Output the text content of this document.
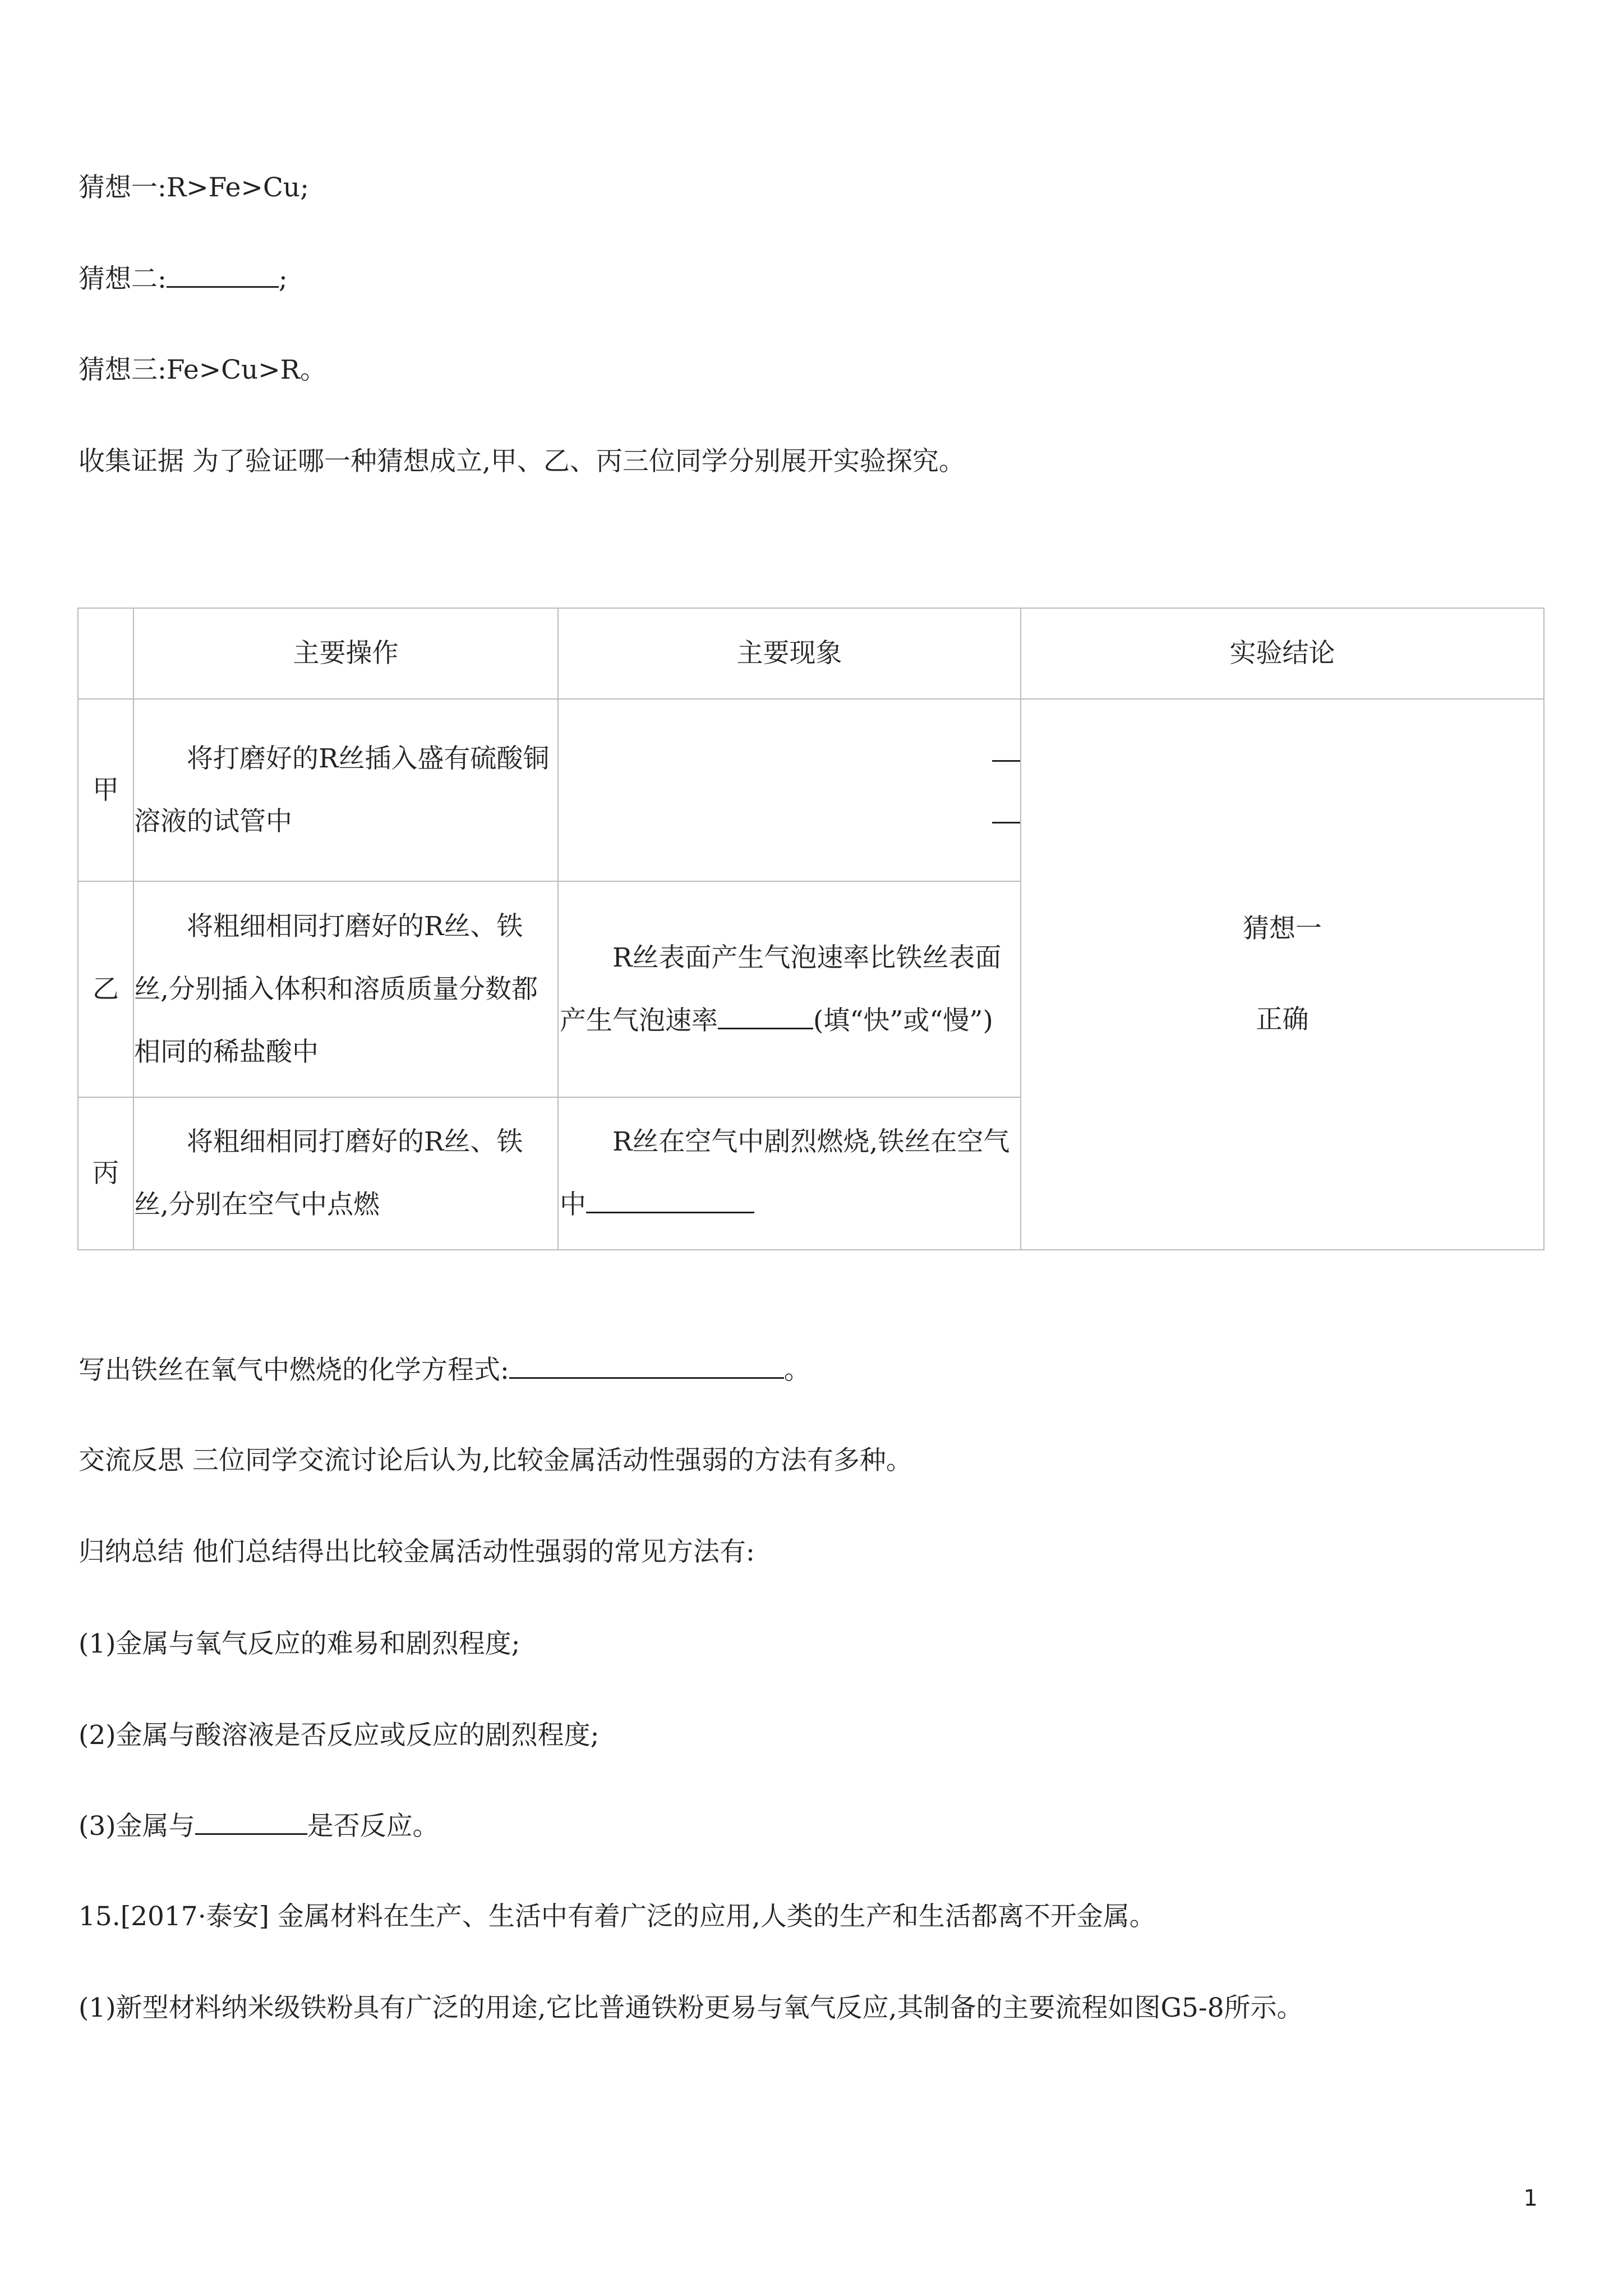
猜想一:R>Fe>Cu;
猜想二:	;
猜想三:Fe>Cu>R。
收集证据 为了验证哪一种猜想成立,甲、乙、丙三位同学分别展开实验探究。
	主要操作	主要现象	实验结论
甲	将打磨好的R丝插入盛有硫酸铜溶液的试管中		猜想一
正确

乙	将粗细相同打磨好的R丝、铁丝,分别插入体积和溶质质量分数都相同的稀盐酸中	R丝表面产生气泡速率比铁丝表面产生气泡速率 (填“快”或“慢”)	
丙	将粗细相同打磨好的R丝、铁丝,分别在空气中点燃	R丝在空气中剧烈燃烧,铁丝在空气中	
写出铁丝在氧气中燃烧的化学方程式:	。
交流反思 三位同学交流讨论后认为,比较金属活动性强弱的方法有多种。
归纳总结 他们总结得出比较金属活动性强弱的常见方法有:
(1)金属与氧气反应的难易和剧烈程度;
(2)金属与酸溶液是否反应或反应的剧烈程度;
(3)金属与	是否反应。
15.[2017·泰安] 金属材料在生产、生活中有着广泛的应用,人类的生产和生活都离不开金属。
(1)新型材料纳米级铁粉具有广泛的用途,它比普通铁粉更易与氧气反应,其制备的主要流程如图G5-8所示。
1
